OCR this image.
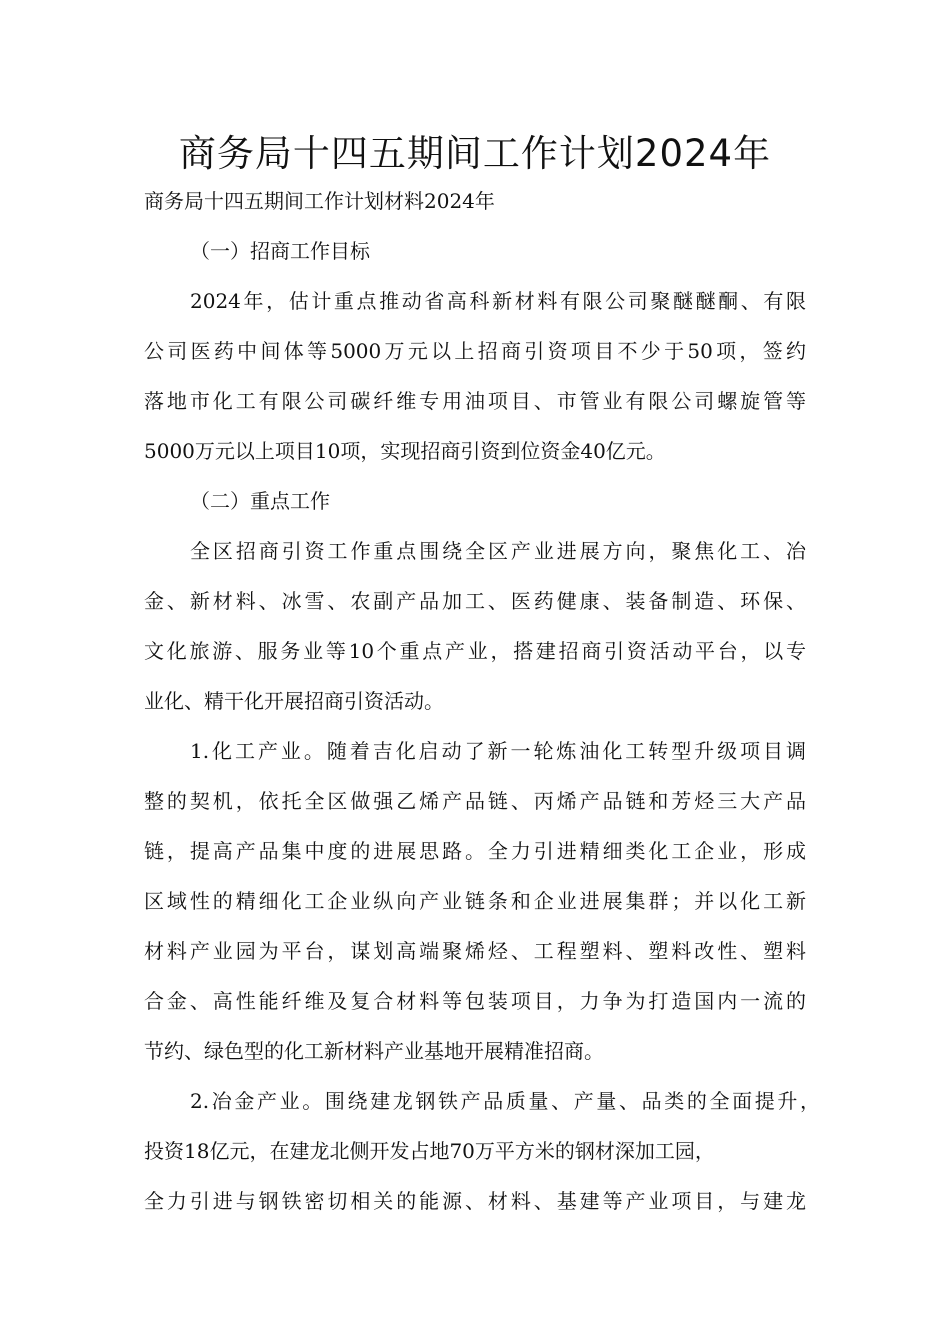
商务局十四五期间工作计划2024年

商务局十四五期间工作计划材料2024年

（一）招商工作目标

2024年，估计重点推动省高科新材料有限公司聚醚醚酮、有限

公司医药中间体等5000万元以上招商引资项目不少于50项，签约

落地市化工有限公司碳纤维专用油项目、市管业有限公司螺旋管等

5000万元以上项目10项，实现招商引资到位资金40亿元。

（二）重点工作

全区招商引资工作重点围绕全区产业进展方向，聚焦化工、冶

金、新材料、冰雪、农副产品加工、医药健康、装备制造、环保、

文化旅游、服务业等10个重点产业，搭建招商引资活动平台，以专

业化、精干化开展招商引资活动。

1.化工产业。随着吉化启动了新一轮炼油化工转型升级项目调

整的契机，依托全区做强乙烯产品链、丙烯产品链和芳烃三大产品

链，提高产品集中度的进展思路。全力引进精细类化工企业，形成

区域性的精细化工企业纵向产业链条和企业进展集群；并以化工新

材料产业园为平台，谋划高端聚烯烃、工程塑料、塑料改性、塑料

合金、高性能纤维及复合材料等包装项目，力争为打造国内一流的

节约、绿色型的化工新材料产业基地开展精准招商。

2.冶金产业。围绕建龙钢铁产品质量、产量、品类的全面提升，

投资18亿元，在建龙北侧开发占地70万平方米的钢材深加工园，

全力引进与钢铁密切相关的能源、材料、基建等产业项目，与建龙
